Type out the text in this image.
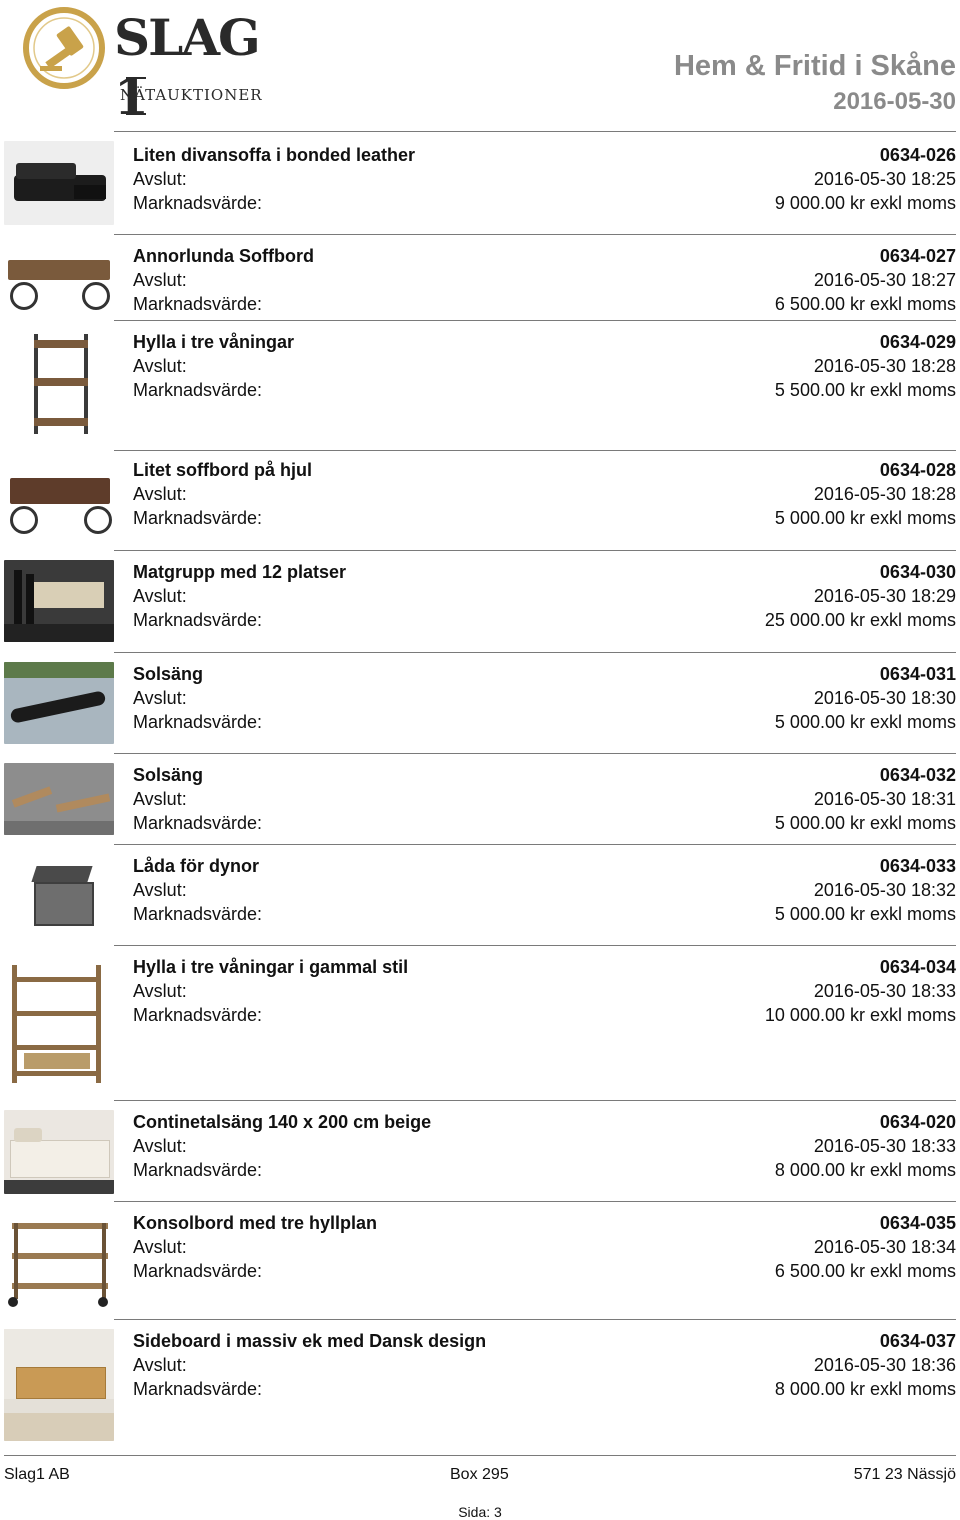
SLAG 1
NÄTAUKTIONER
Hem & Fritid i Skåne
2016-05-30
Liten divansoffa i bonded leather	0634-026
Avslut:	2016-05-30 18:25
Marknadsvärde:	9 000.00 kr exkl moms
Annorlunda Soffbord	0634-027
Avslut:	2016-05-30 18:27
Marknadsvärde:	6 500.00 kr exkl moms
Hylla i tre våningar	0634-029
Avslut:	2016-05-30 18:28
Marknadsvärde:	5 500.00 kr exkl moms
Litet soffbord på hjul	0634-028
Avslut:	2016-05-30 18:28
Marknadsvärde:	5 000.00 kr exkl moms
Matgrupp med 12 platser	0634-030
Avslut:	2016-05-30 18:29
Marknadsvärde:	25 000.00 kr exkl moms
Solsäng	0634-031
Avslut:	2016-05-30 18:30
Marknadsvärde:	5 000.00 kr exkl moms
Solsäng	0634-032
Avslut:	2016-05-30 18:31
Marknadsvärde:	5 000.00 kr exkl moms
Låda för dynor	0634-033
Avslut:	2016-05-30 18:32
Marknadsvärde:	5 000.00 kr exkl moms
Hylla i tre våningar i gammal stil	0634-034
Avslut:	2016-05-30 18:33
Marknadsvärde:	10 000.00 kr exkl moms
Continetalsäng 140 x 200 cm beige	0634-020
Avslut:	2016-05-30 18:33
Marknadsvärde:	8 000.00 kr exkl moms
Konsolbord med tre hyllplan	0634-035
Avslut:	2016-05-30 18:34
Marknadsvärde:	6 500.00 kr exkl moms
Sideboard i massiv ek med Dansk design	0634-037
Avslut:	2016-05-30 18:36
Marknadsvärde:	8 000.00 kr exkl moms
Slag1 AB	Box 295	571 23 Nässjö
Sida: 3
